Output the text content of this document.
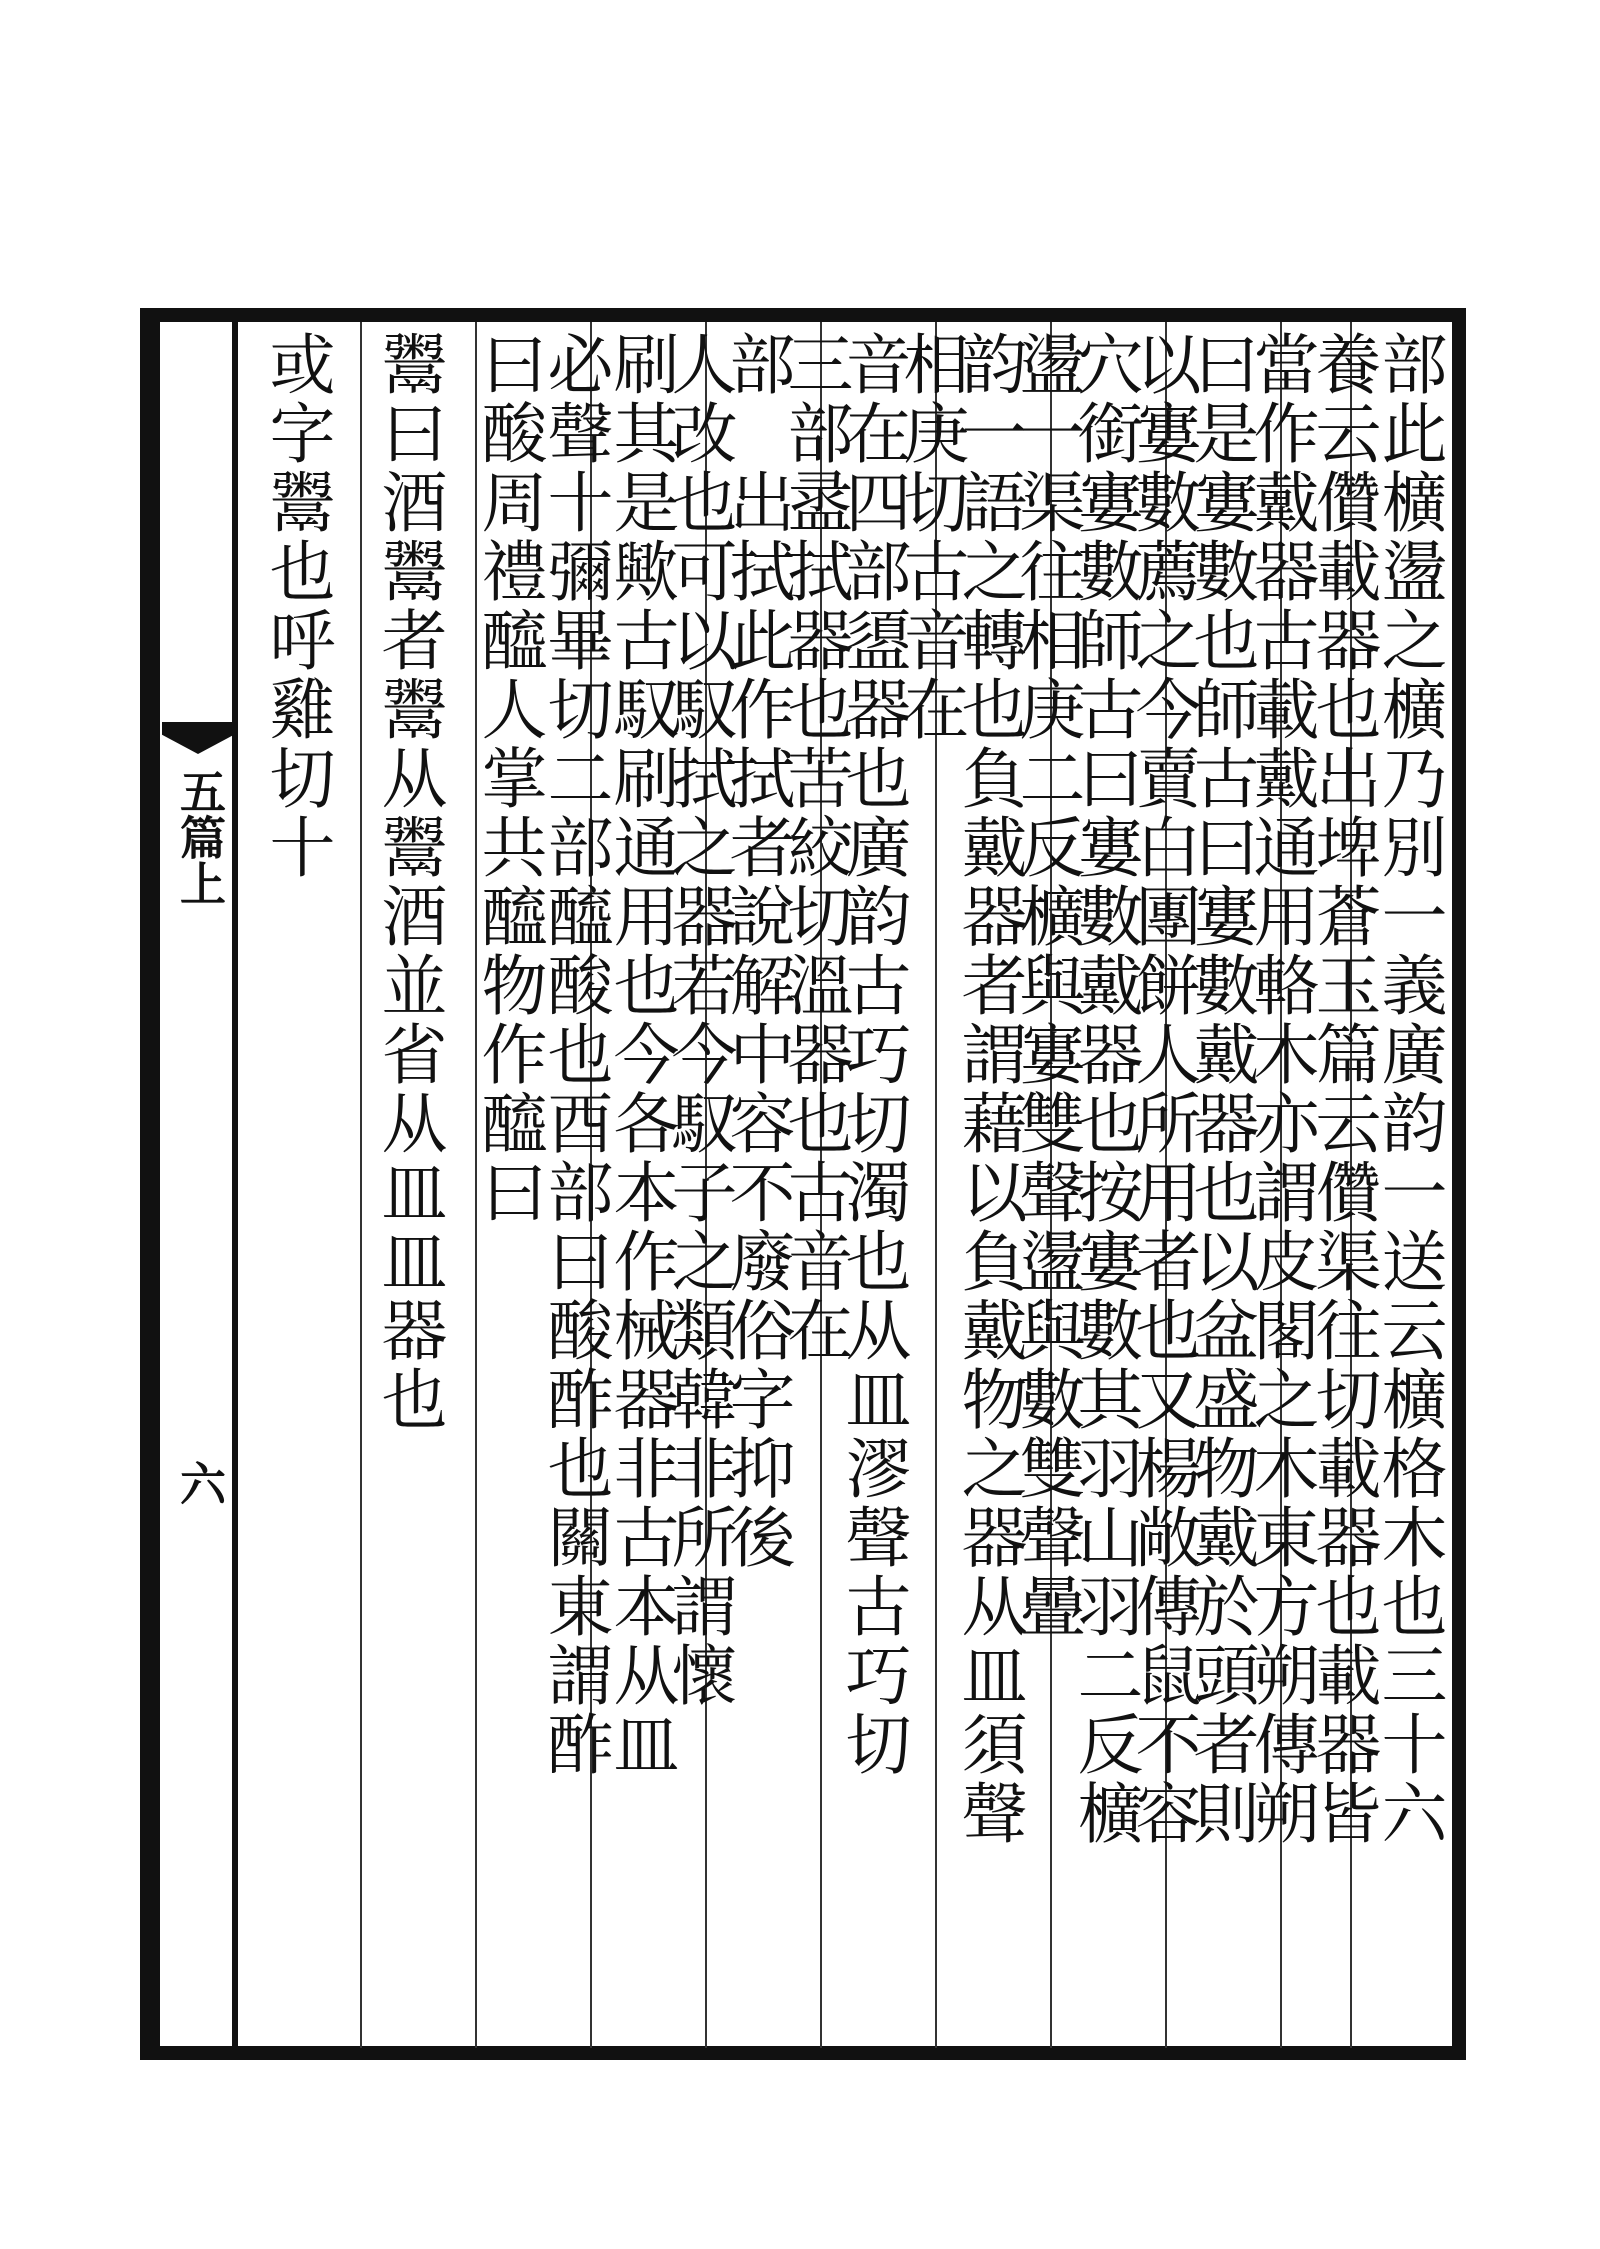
五篇上
六	部此櫎盪之櫎乃別一義廣韵一送云櫎格木也三十六
養云儹載器也出埤蒼玉篇云儹渠往切載器也載器皆
當作戴器古載戴通用輅木亦謂皮閣之木東方朔傳朔
曰是寠數也師古曰寠數戴器也以盆盛物戴於頭者則
以寠數薦之今賣白團餅人所用者也又楊敞傳鼠不容
穴銜寠數師古曰寠數戴器也按寠數其羽山羽二反櫎
盪一渠往相庚二反櫎與寠雙聲盪與數雙聲曡
韵一語之轉也負戴器者謂藉以負戴物之器从皿須聲
相庚切古音在
音在四部盨器也廣韵古巧切濁也从皿漻聲古巧切
三部盝拭器也苦絞切溫器也古音在
部　出拭此作拭者說解中容不廢俗字抑後
人改也可以馭拭之器若今馭子之類韓非所謂懷
刷其是歟古馭刷通用也今各本作械器非古本从皿
必聲十彌畢切二部醯酸也酉部曰酸酢也關東謂酢
曰酸周禮醯人掌共醯物作醯曰
鬻曰酒鬻者鬻从鬻酒並省从皿皿器也
或字鬻也呼雞切十
